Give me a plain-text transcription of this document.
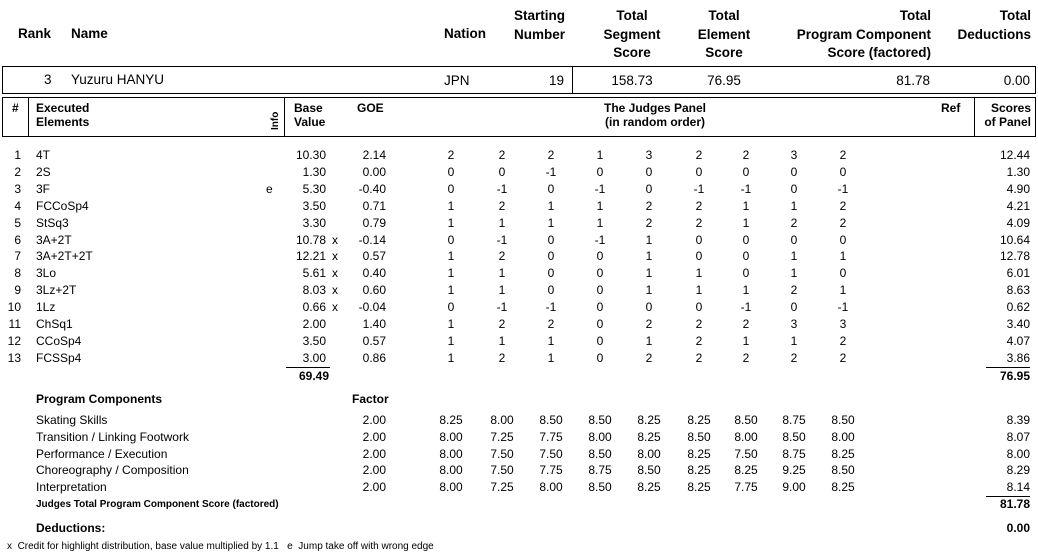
Rank Name	Nation
Starting
Number
Total
Segment
Score
Total
Element
Score
Total
Program Component
Score (factored)
Total
Deductions
3 Yuzuru HANYU	JPN	19	158.73	76.95	81.78	0.00
# Executed
Elements	Info
Base
Value
GOE	The Judges Panel
(in random order)
Ref	Scores
of Panel
1 4T	10.30	2.14	2	2	2	1	3	2	2	3	2	12.44
2 2S	1.30	0.00	0	0	-1	0	0	0	0	0	0	1.30
3 3F	e	5.30	-0.40	0	-1	0	-1	0	-1	-1	0	-1	4.90
4 FCCoSp4	3.50	0.71	1	2	1	1	2	2	1	1	2	4.21
5 StSq3	3.30	0.79	1	1	1	1	2	2	1	2	2	4.09
6 3A+2T	10.78 x	-0.14	0	-1	0	-1	1	0	0	0	0	10.64
7 3A+2T+2T	12.21 x	0.57	1	2	0	0	1	0	0	1	1	12.78
8 3Lo	5.61 x	0.40	1	1	0	0	1	1	0	1	0	6.01
9 3Lz+2T	8.03 x	0.60	1	1	0	0	1	1	1	2	1	8.63
10 1Lz	0.66 x	-0.04	0	-1	-1	0	0	0	-1	0	-1	0.62
11 ChSq1	2.00	1.40	1	2	2	0	2	2	2	3	3	3.40
12 CCoSp4	3.50	0.57	1	1	1	0	1	2	1	1	2	4.07
13 FCSSp4	3.00	0.86	1	2	1	0	2	2	2	2	2	3.86
69.49	76.95
Program Components	Factor
Skating Skills	2.00	8.25	8.00	8.50	8.50	8.25	8.25	8.50	8.75	8.50	8.39
Transition / Linking Footwork	2.00	8.00	7.25	7.75	8.00	8.25	8.50	8.00	8.50	8.00	8.07
Performance / Execution	2.00	8.00	7.50	7.50	8.50	8.00	8.25	7.50	8.75	8.25	8.00
Choreography / Composition	2.00	8.00	7.50	7.75	8.75	8.50	8.25	8.25	9.25	8.50	8.29
Interpretation	2.00	8.00	7.25	8.00	8.50	8.25	8.25	7.75	9.00	8.25	8.14
Judges Total Program Component Score (factored)	81.78
Deductions:	0.00
x Credit for highlight distribution, base value multiplied by 1.1 e Jump take off with wrong edge
